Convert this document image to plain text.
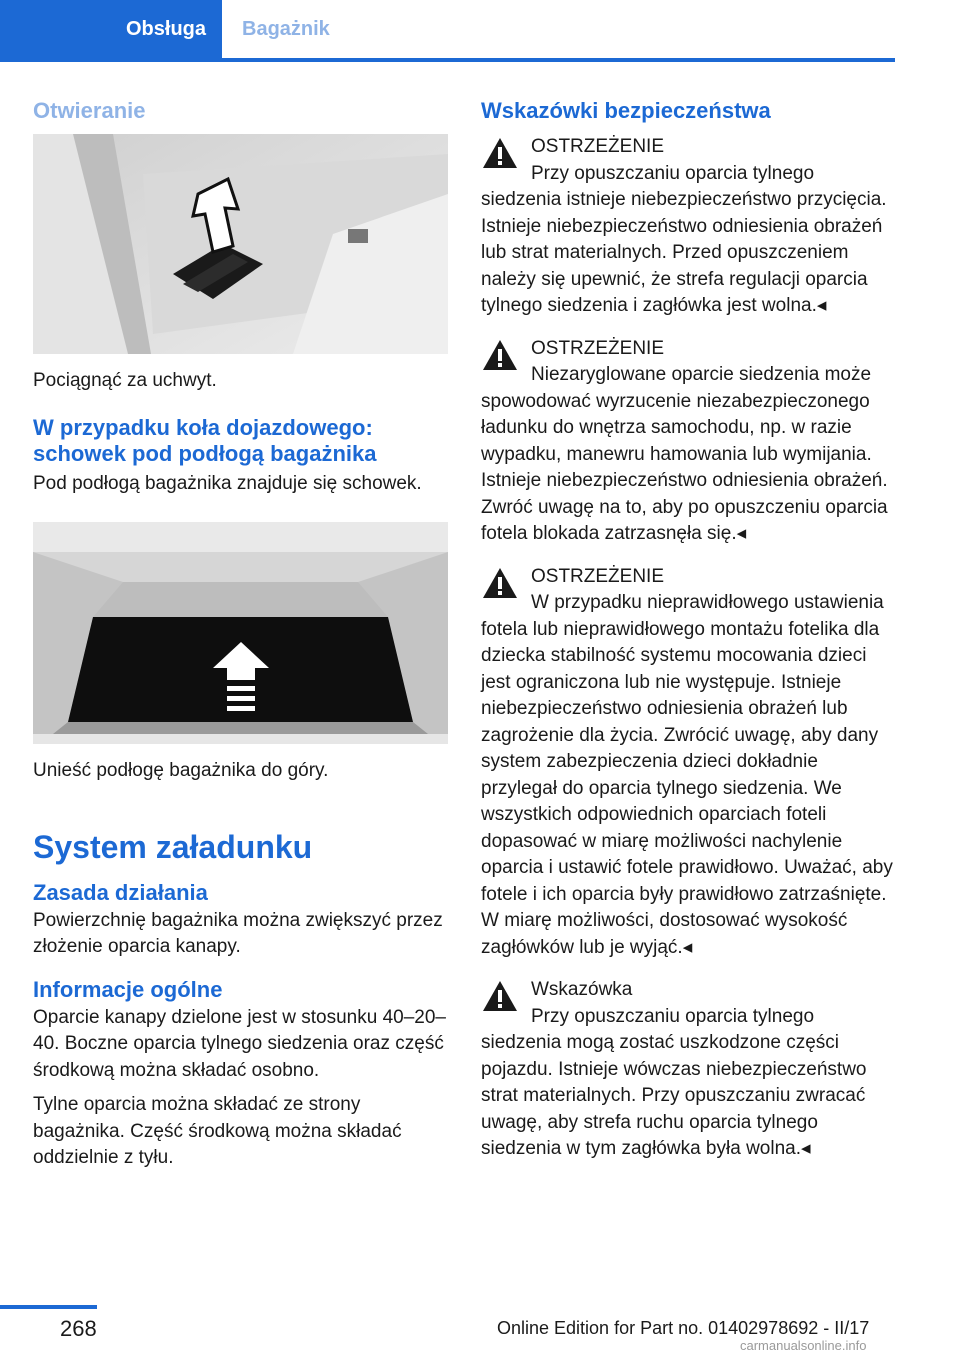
Obsługa	Bagażnik
Otwieranie

Pociągnąć za uchwyt.

W przypadku koła dojazdowego: schowek pod podłogą bagażnika

Pod podłogą bagażnika znajduje się schowek.

Unieść podłogę bagażnika do góry.

System załadunku

Zasada działania

Powierzchnię bagażnika można zwiększyć przez złożenie oparcia kanapy.

Informacje ogólne

Oparcie kanapy dzielone jest w stosunku 40–20–40. Boczne oparcia tylnego siedzenia oraz część środkową można składać osobno.

Tylne oparcia można składać ze strony bagażnika. Część środkową można składać oddzielnie z tyłu.

Wskazówki bezpieczeństwa
OSTRZEŻENIE
Przy opuszczaniu oparcia tylnego siedzenia istnieje niebezpieczeństwo przycięcia. Istnieje niebezpieczeństwo odniesienia obrażeń lub strat materialnych. Przed opuszczeniem należy się upewnić, że strefa regulacji oparcia tylnego siedzenia i zagłówka jest wolna.◂
OSTRZEŻENIE
Niezaryglowane oparcie siedzenia może spowodować wyrzucenie niezabezpieczonego ładunku do wnętrza samochodu, np. w razie wypadku, manewru hamowania lub wymijania. Istnieje niebezpieczeństwo odniesienia obrażeń. Zwróć uwagę na to, aby po opuszczeniu oparcia fotela blokada zatrzasnęła się.◂
OSTRZEŻENIE
W przypadku nieprawidłowego ustawienia fotela lub nieprawidłowego montażu fotelika dla dziecka stabilność systemu mocowania dzieci jest ograniczona lub nie występuje. Istnieje niebezpieczeństwo odniesienia obrażeń lub zagrożenie dla życia. Zwrócić uwagę, aby dany system zabezpieczenia dzieci dokładnie przylegał do oparcia tylnego siedzenia. We wszystkich odpowiednich oparciach foteli dopasować w miarę możliwości nachylenie oparcia i ustawić fotele prawidłowo. Uważać, aby fotele i ich oparcia były prawidłowo zatrzaśnięte. W miarę możliwości, dostosować wysokość zagłówków lub je wyjąć.◂
Wskazówka
Przy opuszczaniu oparcia tylnego siedzenia mogą zostać uszkodzone części pojazdu. Istnieje wówczas niebezpieczeństwo strat materialnych. Przy opuszczaniu zwracać uwagę, aby strefa ruchu oparcia tylnego siedzenia w tym zagłówka była wolna.◂
268	Online Edition for Part no. 01402978692 - II/17
carmanualsonline.info
